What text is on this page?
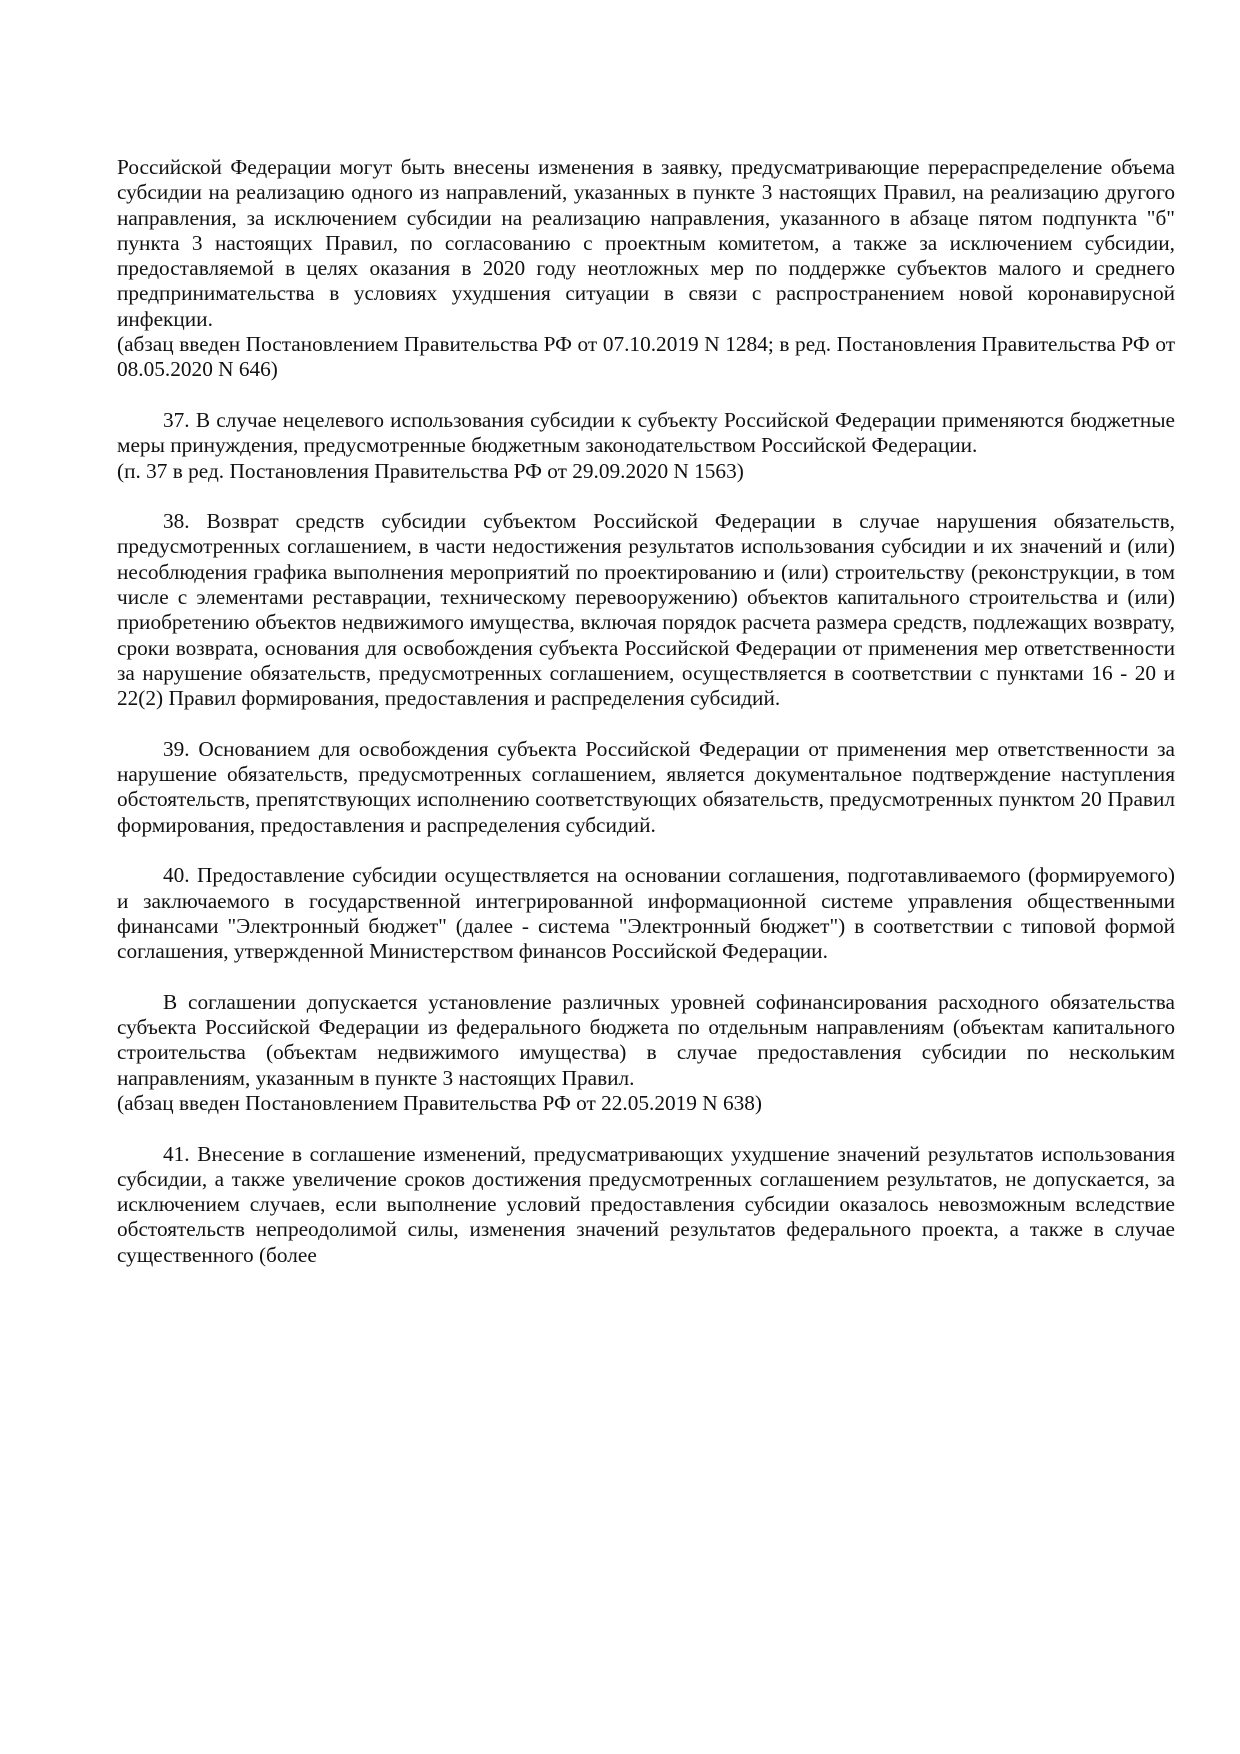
Российской Федерации могут быть внесены изменения в заявку, предусматривающие перераспределение объема субсидии на реализацию одного из направлений, указанных в пункте 3 настоящих Правил, на реализацию другого направления, за исключением субсидии на реализацию направления, указанного в абзаце пятом подпункта "б" пункта 3 настоящих Правил, по согласованию с проектным комитетом, а также за исключением субсидии, предоставляемой в целях оказания в 2020 году неотложных мер по поддержке субъектов малого и среднего предпринимательства в условиях ухудшения ситуации в связи с распространением новой коронавирусной инфекции.

(абзац введен Постановлением Правительства РФ от 07.10.2019 N 1284; в ред. Постановления Правительства РФ от 08.05.2020 N 646)

37. В случае нецелевого использования субсидии к субъекту Российской Федерации применяются бюджетные меры принуждения, предусмотренные бюджетным законодательством Российской Федерации.

(п. 37 в ред. Постановления Правительства РФ от 29.09.2020 N 1563)

38. Возврат средств субсидии субъектом Российской Федерации в случае нарушения обязательств, предусмотренных соглашением, в части недостижения результатов использования субсидии и их значений и (или) несоблюдения графика выполнения мероприятий по проектированию и (или) строительству (реконструкции, в том числе с элементами реставрации, техническому перевооружению) объектов капитального строительства и (или) приобретению объектов недвижимого имущества, включая порядок расчета размера средств, подлежащих возврату, сроки возврата, основания для освобождения субъекта Российской Федерации от применения мер ответственности за нарушение обязательств, предусмотренных соглашением, осуществляется в соответствии с пунктами 16 - 20 и 22(2) Правил формирования, предоставления и распределения субсидий.

39. Основанием для освобождения субъекта Российской Федерации от применения мер ответственности за нарушение обязательств, предусмотренных соглашением, является документальное подтверждение наступления обстоятельств, препятствующих исполнению соответствующих обязательств, предусмотренных пунктом 20 Правил формирования, предоставления и распределения субсидий.

40. Предоставление субсидии осуществляется на основании соглашения, подготавливаемого (формируемого) и заключаемого в государственной интегрированной информационной системе управления общественными финансами "Электронный бюджет" (далее - система "Электронный бюджет") в соответствии с типовой формой соглашения, утвержденной Министерством финансов Российской Федерации.

В соглашении допускается установление различных уровней софинансирования расходного обязательства субъекта Российской Федерации из федерального бюджета по отдельным направлениям (объектам капитального строительства (объектам недвижимого имущества) в случае предоставления субсидии по нескольким направлениям, указанным в пункте 3 настоящих Правил.

(абзац введен Постановлением Правительства РФ от 22.05.2019 N 638)

41. Внесение в соглашение изменений, предусматривающих ухудшение значений результатов использования субсидии, а также увеличение сроков достижения предусмотренных соглашением результатов, не допускается, за исключением случаев, если выполнение условий предоставления субсидии оказалось невозможным вследствие обстоятельств непреодолимой силы, изменения значений результатов федерального проекта, а также в случае существенного (более
